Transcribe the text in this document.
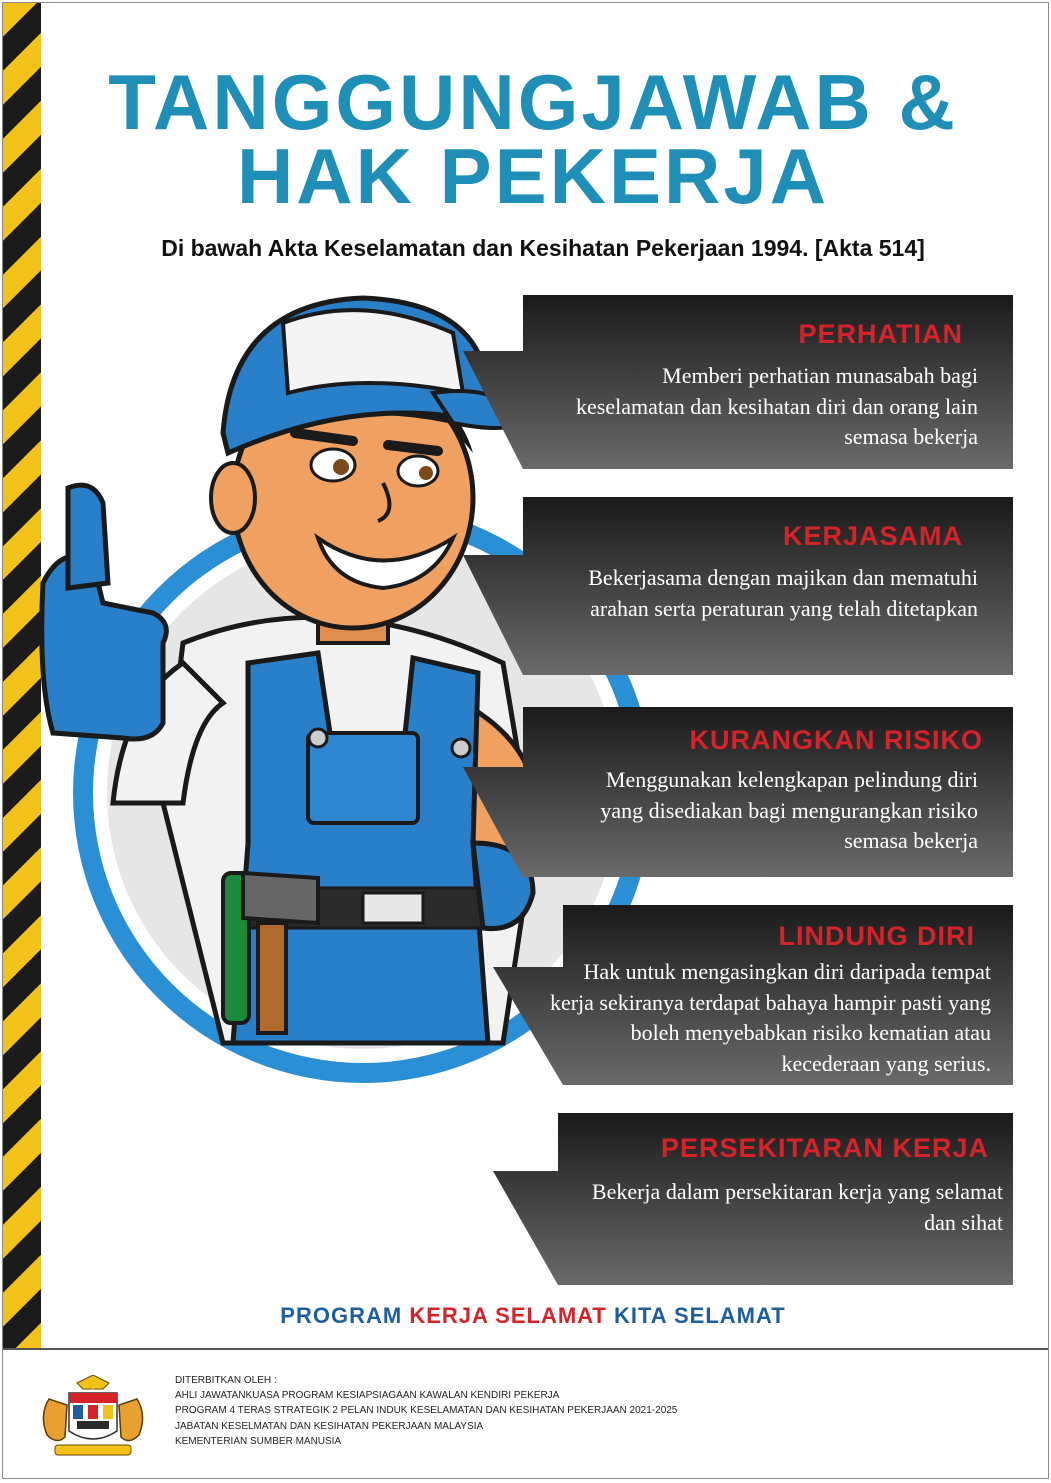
TANGGUNGJAWAB &
HAK PEKERJA
Di bawah Akta Keselamatan dan Kesihatan Pekerjaan 1994. [Akta 514]
PERHATIAN
Memberi perhatian munasabah bagi keselamatan dan kesihatan diri dan orang lain semasa bekerja
KERJASAMA
Bekerjasama dengan majikan dan mematuhi arahan serta peraturan yang telah ditetapkan
KURANGKAN RISIKO
Menggunakan kelengkapan pelindung diri yang disediakan bagi mengurangkan risiko semasa bekerja
LINDUNG DIRI
Hak untuk mengasingkan diri daripada tempat kerja sekiranya terdapat bahaya hampir pasti yang boleh menyebabkan risiko kematian atau kecederaan yang serius.
PERSEKITARAN KERJA
Bekerja dalam persekitaran kerja yang selamat dan sihat
PROGRAM KERJA SELAMAT KITA SELAMAT
DITERBITKAN OLEH :
AHLI JAWATANKUASA PROGRAM KESIAPSIAGAAN KAWALAN KENDIRI PEKERJA
PROGRAM 4 TERAS STRATEGIK 2 PELAN INDUK KESELAMATAN DAN KESIHATAN PEKERJAAN 2021-2025
JABATAN KESELMATAN DAN KESIHATAN PEKERJAAN MALAYSIA
KEMENTERIAN SUMBER MANUSIA
